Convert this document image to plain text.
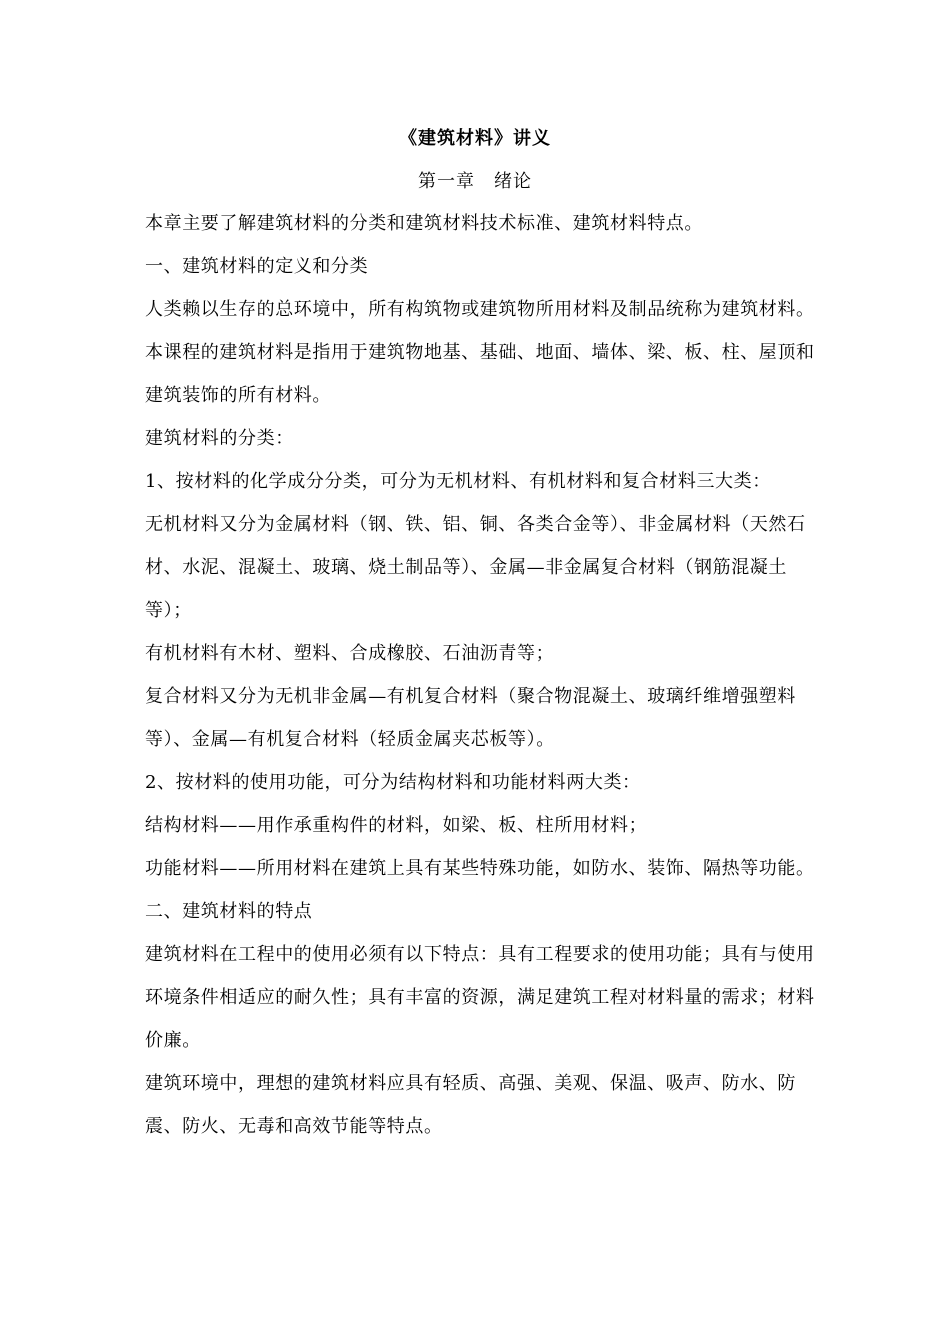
《建筑材料》讲义
第一章　绪论

本章主要了解建筑材料的分类和建筑材料技术标准、建筑材料特点。

一、建筑材料的定义和分类

人类赖以生存的总环境中，所有构筑物或建筑物所用材料及制品统称为建筑材料。本课程的建筑材料是指用于建筑物地基、基础、地面、墙体、梁、板、柱、屋顶和建筑装饰的所有材料。

建筑材料的分类：

1、按材料的化学成分分类，可分为无机材料、有机材料和复合材料三大类：

无机材料又分为金属材料（钢、铁、铝、铜、各类合金等）、非金属材料（天然石材、水泥、混凝土、玻璃、烧土制品等）、金属—非金属复合材料（钢筋混凝土等）；

有机材料有木材、塑料、合成橡胶、石油沥青等；

复合材料又分为无机非金属—有机复合材料（聚合物混凝土、玻璃纤维增强塑料等）、金属—有机复合材料（轻质金属夹芯板等）。

2、按材料的使用功能，可分为结构材料和功能材料两大类：

结构材料——用作承重构件的材料，如梁、板、柱所用材料；

功能材料——所用材料在建筑上具有某些特殊功能，如防水、装饰、隔热等功能。

二、建筑材料的特点

建筑材料在工程中的使用必须有以下特点：具有工程要求的使用功能；具有与使用环境条件相适应的耐久性；具有丰富的资源，满足建筑工程对材料量的需求；材料价廉。

建筑环境中，理想的建筑材料应具有轻质、高强、美观、保温、吸声、防水、防震、防火、无毒和高效节能等特点。
